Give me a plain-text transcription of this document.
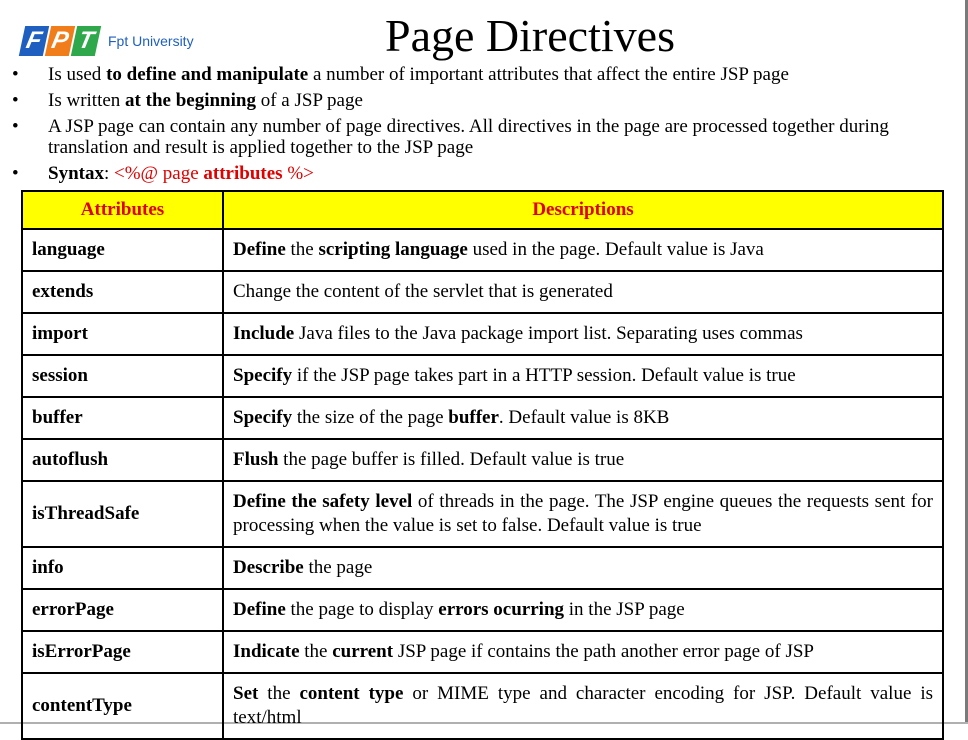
F P T Fpt University	Page Directives
• Is used to define and manipulate a number of important attributes that affect the entire JSP page
• Is written at the beginning of a JSP page
• A JSP page can contain any number of page directives. All directives in the page are processed together during translation and result is applied together to the JSP page
• Syntax: <%@ page attributes %>
Attributes	Descriptions
language	Define the scripting language used in the page. Default value is Java
extends	Change the content of the servlet that is generated
import	Include Java files to the Java package import list. Separating uses commas
session	Specify if the JSP page takes part in a HTTP session. Default value is true
buffer	Specify the size of the page buffer. Default value is 8KB
autoflush	Flush the page buffer is filled. Default value is true
isThreadSafe	Define the safety level of threads in the page. The JSP engine queues the requests sent for processing when the value is set to false. Default value is true
info	Describe the page
errorPage	Define the page to display errors ocurring in the JSP page
isErrorPage	Indicate the current JSP page if contains the path another error page of JSP
contentType	Set the content type or MIME type and character encoding for JSP. Default value is text/html
